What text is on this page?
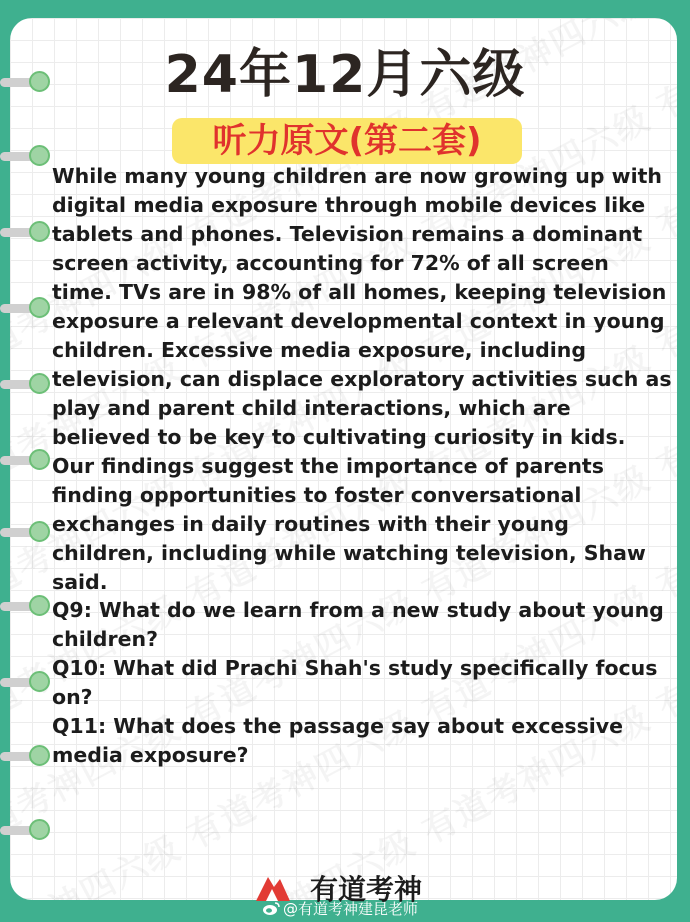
24年12月六级
听力原文(第二套)

While many young children are now growing up with digital media exposure through mobile devices like tablets and phones. Television remains a dominant screen activity, accounting for 72% of all screen time. TVs are in 98% of all homes, keeping television exposure a relevant developmental context in young children. Excessive media exposure, including television, can displace exploratory activities such as play and parent child interactions, which are believed to be key to cultivating curiosity in kids. Our findings suggest the importance of parents finding opportunities to foster conversational exchanges in daily routines with their young children, including while watching television, Shaw said.

Q9: What do we learn from a new study about young children?

Q10: What did Prachi Shah's study specifically focus on?

Q11: What does the passage say about excessive media exposure?

有道考神
@有道考神建昆老师
